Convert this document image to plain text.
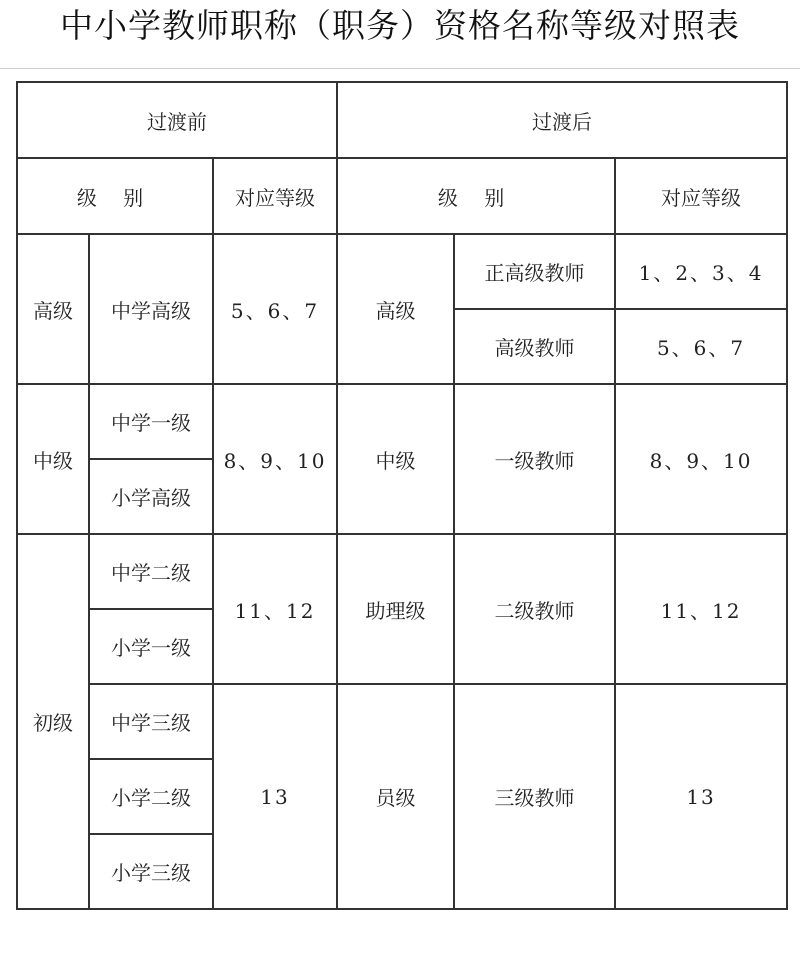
中小学教师职称（职务）资格名称等级对照表
过渡前			过渡后		
级 别		对应等级	级 别		对应等级
高级	中学高级	5、6、7	高级	正高级教师	1、2、3、4
				高级教师	5、6、7
中级	中学一级	8、9、10	中级	一级教师	8、9、10
	小学高级				
初级	中学二级	11、12	助理级	二级教师	11、12
	小学一级				
	中学三级	13	员级	三级教师	13
	小学二级				
	小学三级				
